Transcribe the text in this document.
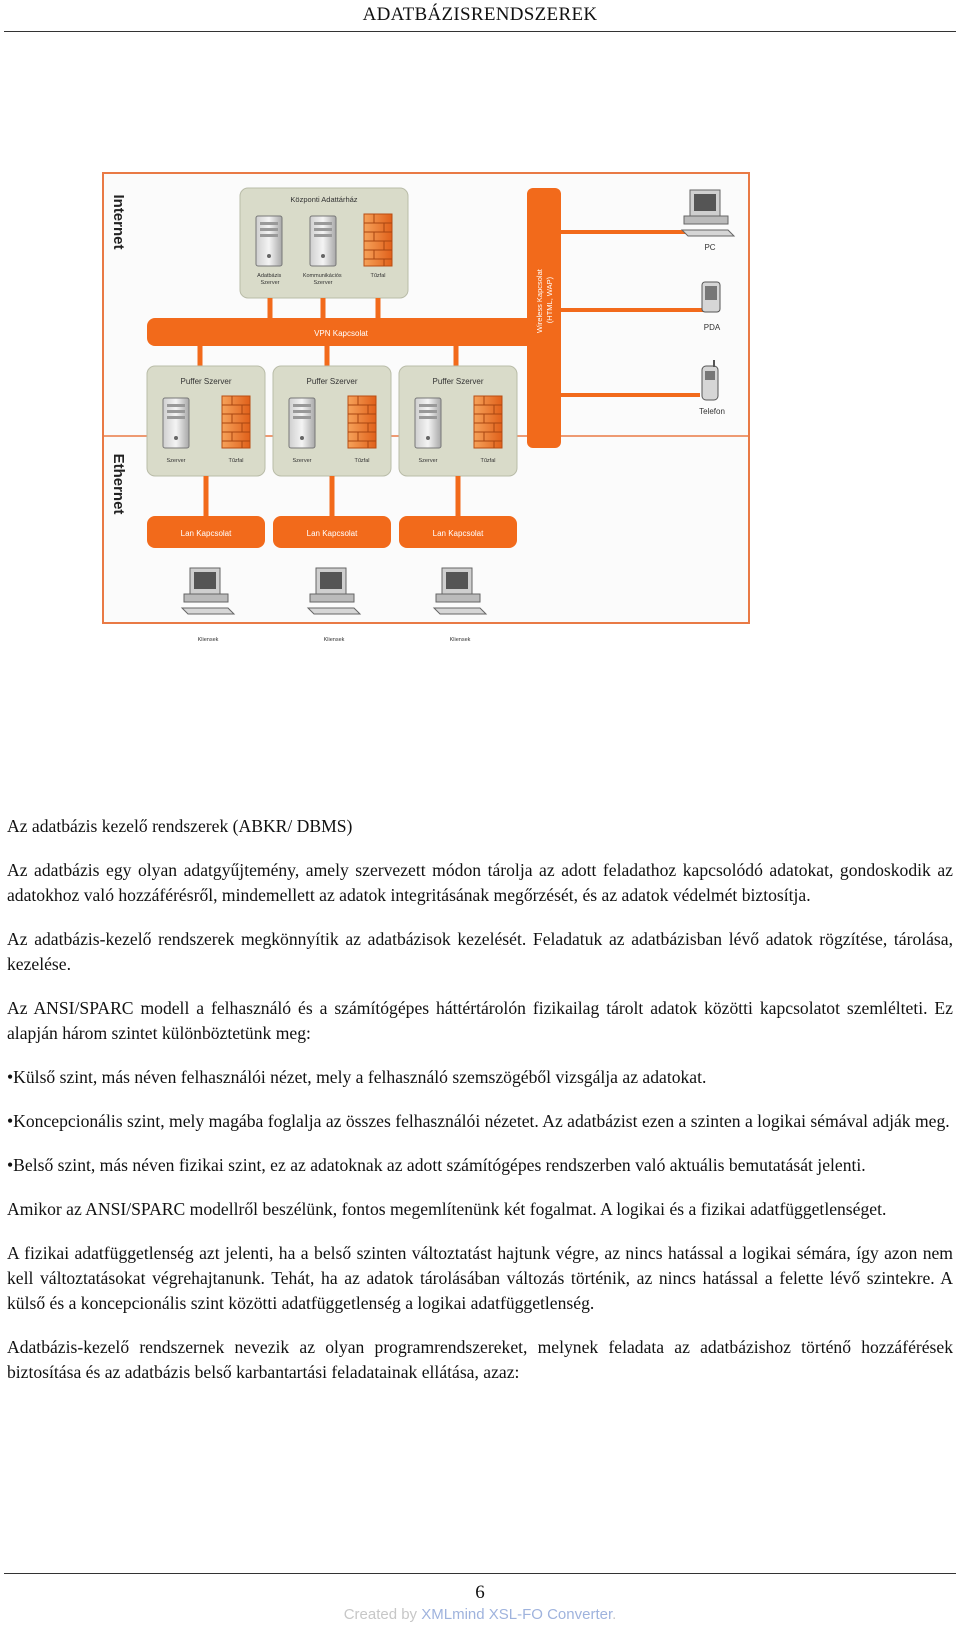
ADATBÁZISRENDSZEREK
Internet
Ethernet
Központi Adattárház
Adatbázis Szerver
Kommunikációs Szerver
Tűzfal
VPN Kapcsolat
Wireless Kapcsolat (HTML, WAP)
PC
PDA
Telefon
Puffer Szerver
Szerver	Tűzfal
Puffer Szerver
Szerver	Tűzfal
Puffer Szerver
Szerver	Tűzfal
Lan Kapcsolat	Lan Kapcsolat	Lan Kapcsolat
Kliensek	Kliensek	Kliensek

Az adatbázis kezelő rendszerek (ABKR/ DBMS)

Az adatbázis egy olyan adatgyűjtemény, amely szervezett módon tárolja az adott feladathoz kapcsolódó adatokat, gondoskodik az adatokhoz való hozzáférésről, mindemellett az adatok integritásának megőrzését, és az adatok védelmét biztosítja.

Az adatbázis-kezelő rendszerek megkönnyítik az adatbázisok kezelését. Feladatuk az adatbázisban lévő adatok rögzítése, tárolása, kezelése.

Az ANSI/SPARC modell a felhasználó és a számítógépes háttértárolón fizikailag tárolt adatok közötti kapcsolatot szemlélteti. Ez alapján három szintet különböztetünk meg:

•Külső szint, más néven felhasználói nézet, mely a felhasználó szemszögéből vizsgálja az adatokat.

•Koncepcionális szint, mely magába foglalja az összes felhasználói nézetet. Az adatbázist ezen a szinten a logikai sémával adják meg.

•Belső szint, más néven fizikai szint, ez az adatoknak az adott számítógépes rendszerben való aktuális bemutatását jelenti.

Amikor az ANSI/SPARC modellről beszélünk, fontos megemlítenünk két fogalmat. A logikai és a fizikai adatfüggetlenséget.

A fizikai adatfüggetlenség azt jelenti, ha a belső szinten változtatást hajtunk végre, az nincs hatással a logikai sémára, így azon nem kell változtatásokat végrehajtanunk. Tehát, ha az adatok tárolásában változás történik, az nincs hatással a felette lévő szintekre. A külső és a koncepcionális szint közötti adatfüggetlenség a logikai adatfüggetlenség.

Adatbázis-kezelő rendszernek nevezik az olyan programrendszereket, melynek feladata az adatbázishoz történő hozzáférések biztosítása és az adatbázis belső karbantartási feladatainak ellátása, azaz:

6
Created by XMLmind XSL-FO Converter.
